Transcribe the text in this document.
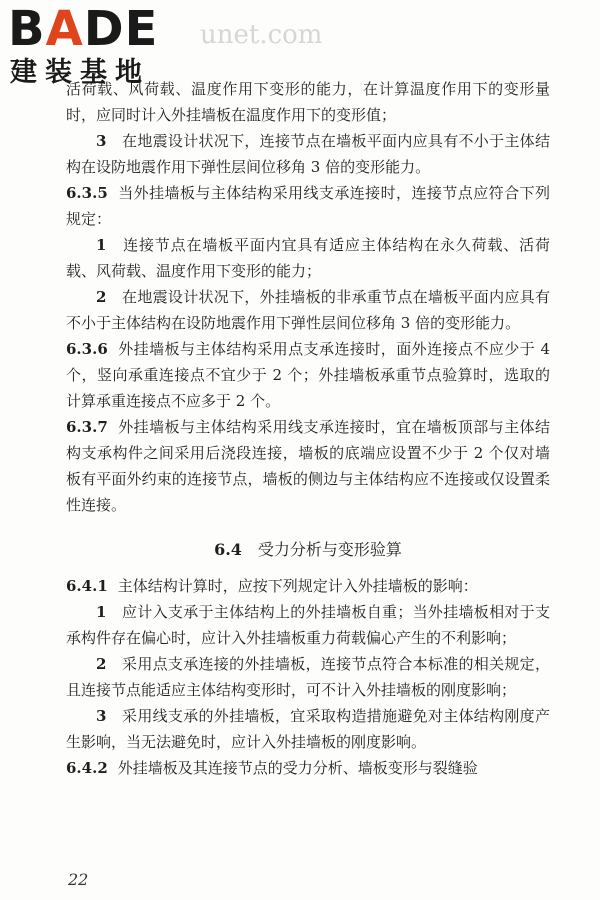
BADE
建装基地
unet.com

活荷载、风荷载、温度作用下变形的能力，在计算温度作用下的变形量时，应同时计入外挂墙板在温度作用下的变形值；

3　 在地震设计状况下，连接节点在墙板平面内应具有不小于主体结构在设防地震作用下弹性层间位移角 3 倍的变形能力。

6.3.5 当外挂墙板与主体结构采用线支承连接时，连接节点应符合下列规定：

1　 连接节点在墙板平面内宜具有适应主体结构在永久荷载、活荷载、风荷载、温度作用下变形的能力；

2　 在地震设计状况下，外挂墙板的非承重节点在墙板平面内应具有不小于主体结构在设防地震作用下弹性层间位移角 3 倍的变形能力。

6.3.6 外挂墙板与主体结构采用点支承连接时，面外连接点不应少于 4 个，竖向承重连接点不宜少于 2 个；外挂墙板承重节点验算时，选取的计算承重连接点不应多于 2 个。

6.3.7 外挂墙板与主体结构采用线支承连接时，宜在墙板顶部与主体结构支承构件之间采用后浇段连接，墙板的底端应设置不少于 2 个仅对墙板有平面外约束的连接节点，墙板的侧边与主体结构应不连接或仅设置柔性连接。

6.4 受力分析与变形验算

6.4.1 主体结构计算时，应按下列规定计入外挂墙板的影响：

1　 应计入支承于主体结构上的外挂墙板自重；当外挂墙板相对于支承构件存在偏心时，应计入外挂墙板重力荷载偏心产生的不利影响；

2　 采用点支承连接的外挂墙板，连接节点符合本标准的相关规定，且连接节点能适应主体结构变形时，可不计入外挂墙板的刚度影响；

3　 采用线支承的外挂墙板，宜采取构造措施避免对主体结构刚度产生影响，当无法避免时，应计入外挂墙板的刚度影响。

6.4.2 外挂墙板及其连接节点的受力分析、墙板变形与裂缝验

22
